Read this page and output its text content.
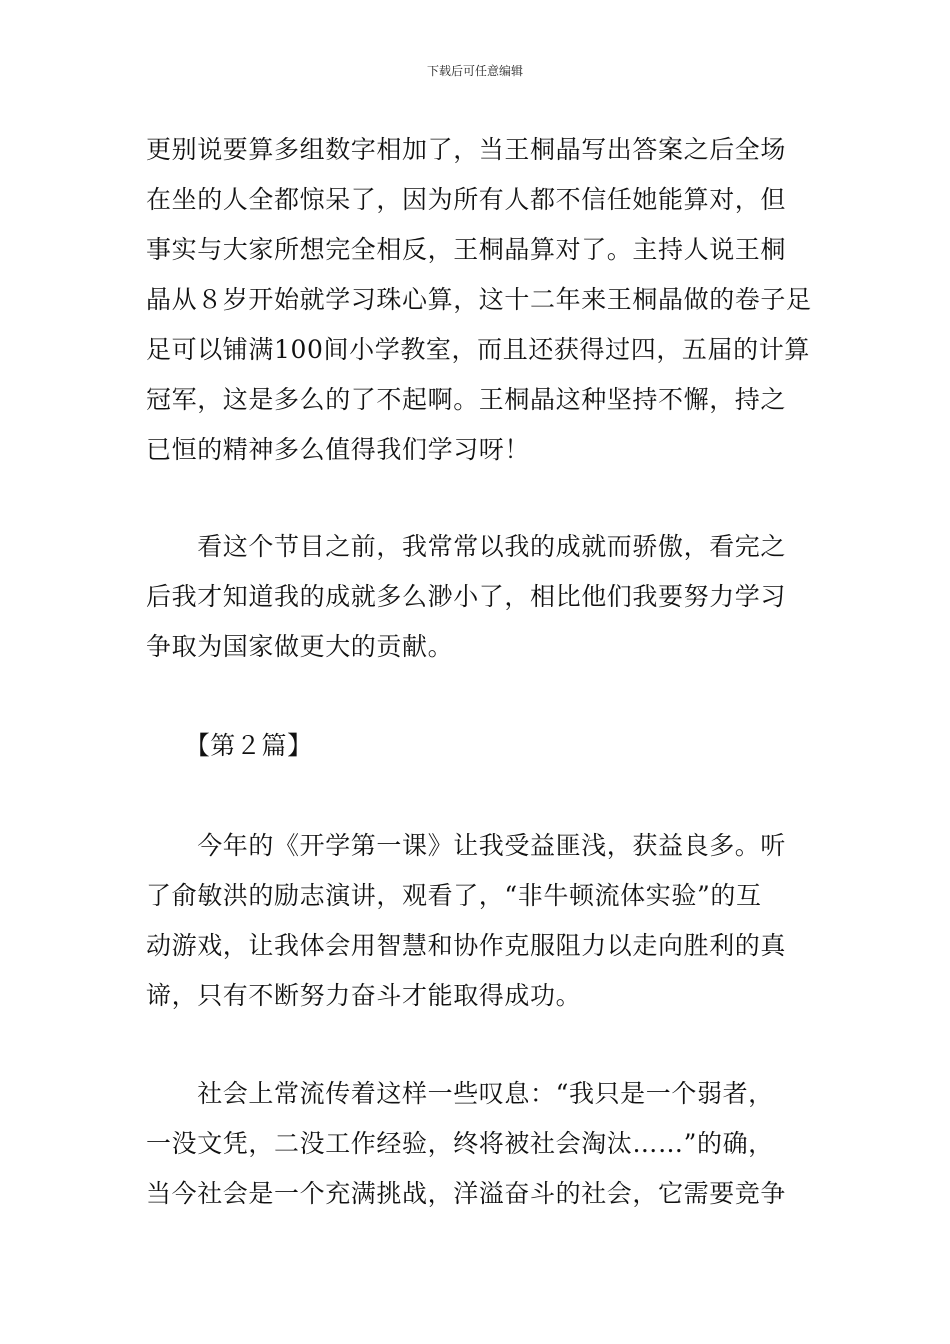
下载后可任意编辑
更别说要算多组数字相加了，当王桐晶写出答案之后全场
在坐的人全都惊呆了，因为所有人都不信任她能算对，但
事实与大家所想完全相反，王桐晶算对了。主持人说王桐
晶从８岁开始就学习珠心算，这十二年来王桐晶做的卷子足
足可以铺满100间小学教室，而且还获得过四，五届的计算
冠军，这是多么的了不起啊。王桐晶这种坚持不懈，持之
已恒的精神多么值得我们学习呀！
　　看这个节目之前，我常常以我的成就而骄傲，看完之
后我才知道我的成就多么渺小了，相比他们我要努力学习
争取为国家做更大的贡献。
　　【第２篇】
　　今年的《开学第一课》让我受益匪浅，获益良多。听
了俞敏洪的励志演讲，观看了，“非牛顿流体实验”的互
动游戏，让我体会用智慧和协作克服阻力以走向胜利的真
谛，只有不断努力奋斗才能取得成功。
　　社会上常流传着这样一些叹息：“我只是一个弱者，
一没文凭，二没工作经验，终将被社会淘汰……”的确，
当今社会是一个充满挑战，洋溢奋斗的社会，它需要竞争
